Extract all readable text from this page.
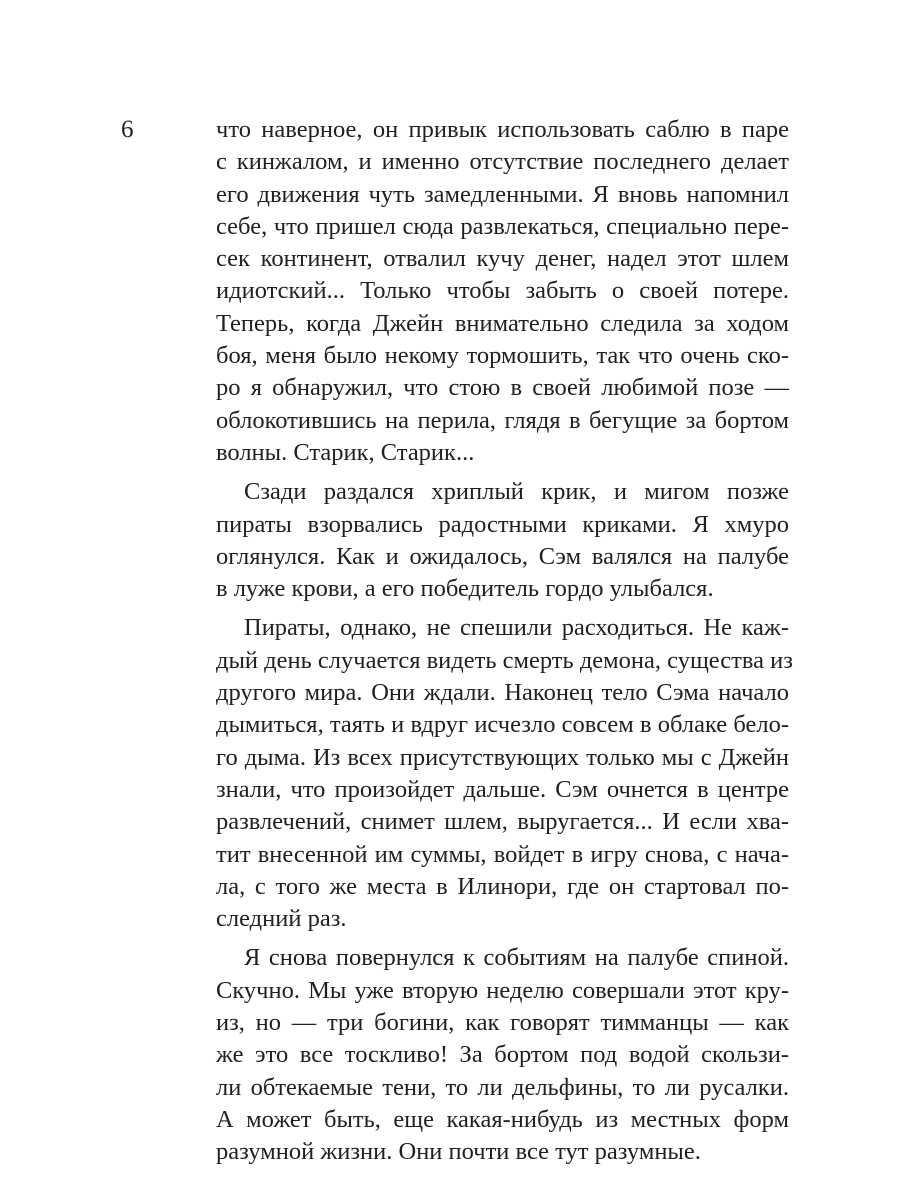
6	что наверное, он привык использовать саблю в паре
с кинжалом, и именно отсутствие последнего делает
его движения чуть замедленными. Я вновь напомнил
себе, что пришел сюда развлекаться, специально пере-
сек континент, отвалил кучу денег, надел этот шлем
идиотский... Только чтобы забыть о своей потере.
Теперь, когда Джейн внимательно следила за ходом
боя, меня было некому тормошить, так что очень ско-
ро я обнаружил, что стою в своей любимой позе —
облокотившись на перила, глядя в бегущие за бортом
волны. Старик, Старик...
Сзади раздался хриплый крик, и мигом позже
пираты взорвались радостными криками. Я хмуро
оглянулся. Как и ожидалось, Сэм валялся на палубе
в луже крови, а его победитель гордо улыбался.
Пираты, однако, не спешили расходиться. Не каж-
дый день случается видеть смерть демона, существа из
другого мира. Они ждали. Наконец тело Сэма начало
дымиться, таять и вдруг исчезло совсем в облаке бело-
го дыма. Из всех присутствующих только мы с Джейн
знали, что произойдет дальше. Сэм очнется в центре
развлечений, снимет шлем, выругается... И если хва-
тит внесенной им суммы, войдет в игру снова, с нача-
ла, с того же места в Илинори, где он стартовал по-
следний раз.
Я снова повернулся к событиям на палубе спиной.
Скучно. Мы уже вторую неделю совершали этот кру-
из, но — три богини, как говорят тимманцы — как
же это все тоскливо! За бортом под водой скользи-
ли обтекаемые тени, то ли дельфины, то ли русалки.
А может быть, еще какая-нибудь из местных форм
разумной жизни. Они почти все тут разумные.
